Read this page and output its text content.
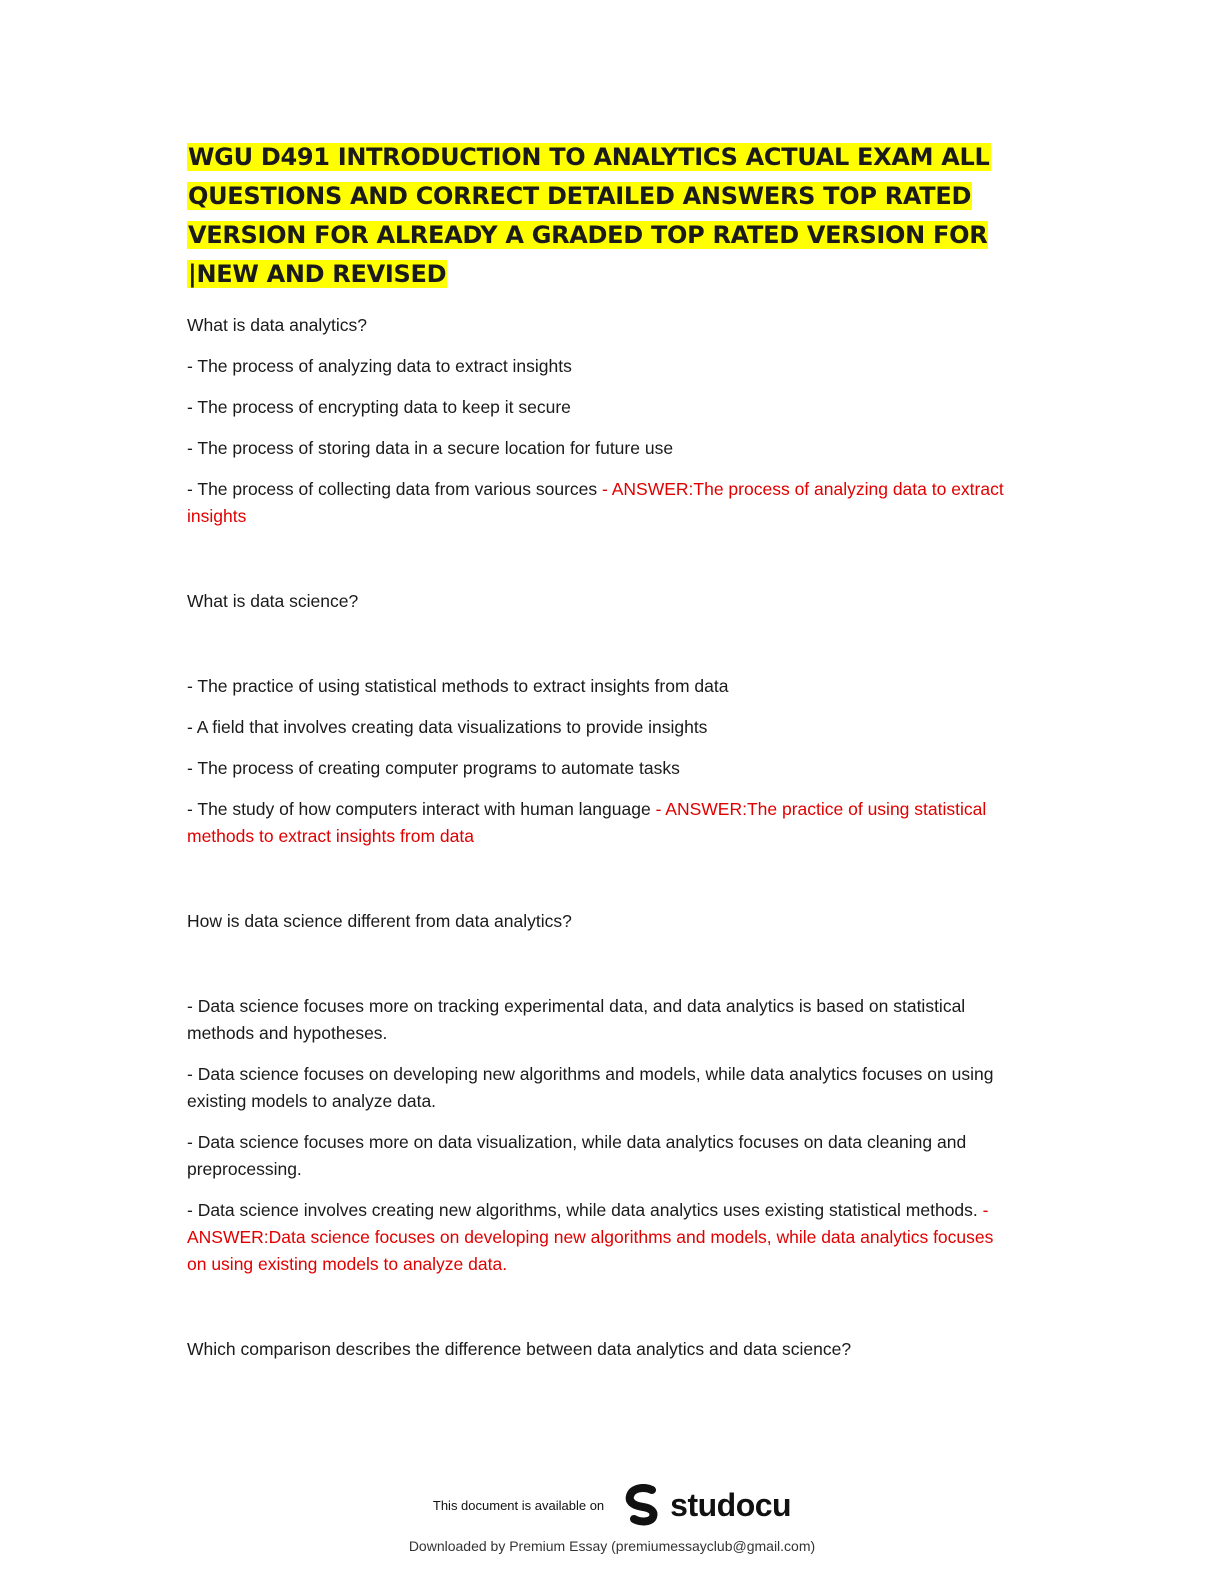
WGU D491 INTRODUCTION TO ANALYTICS ACTUAL EXAM ALL QUESTIONS AND CORRECT DETAILED ANSWERS TOP RATED VERSION FOR ALREADY A GRADED TOP RATED VERSION FOR |NEW AND REVISED

What is data analytics?

- The process of analyzing data to extract insights

- The process of encrypting data to keep it secure

- The process of storing data in a secure location for future use

- The process of collecting data from various sources - ANSWER:The process of analyzing data to extract insights

What is data science?

- The practice of using statistical methods to extract insights from data

- A field that involves creating data visualizations to provide insights

- The process of creating computer programs to automate tasks

- The study of how computers interact with human language - ANSWER:The practice of using statistical methods to extract insights from data

How is data science different from data analytics?

- Data science focuses more on tracking experimental data, and data analytics is based on statistical methods and hypotheses.

- Data science focuses on developing new algorithms and models, while data analytics focuses on using existing models to analyze data.

- Data science focuses more on data visualization, while data analytics focuses on data cleaning and preprocessing.

- Data science involves creating new algorithms, while data analytics uses existing statistical methods. - ANSWER:Data science focuses on developing new algorithms and models, while data analytics focuses on using existing models to analyze data.

Which comparison describes the difference between data analytics and data science?

This document is available on studocu
Downloaded by Premium Essay (premiumessayclub@gmail.com)
